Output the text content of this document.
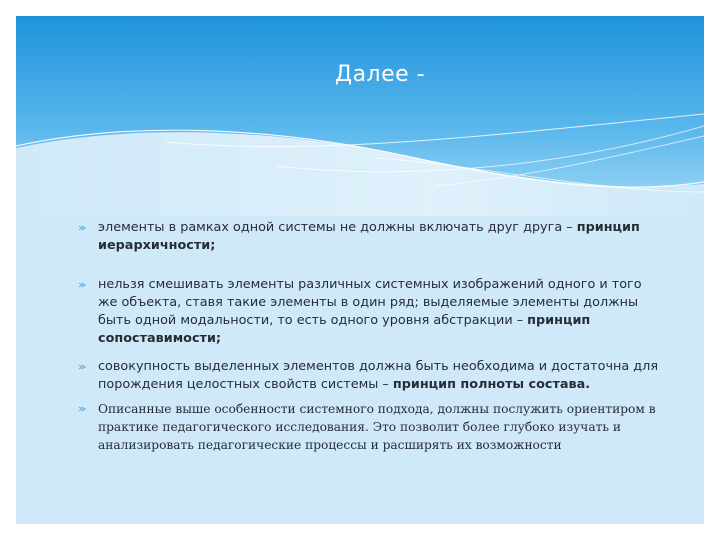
Далее -
элементы в рамках одной системы не должны включать друг друга – принцип иерархичности;
нельзя смешивать элементы различных системных изображений одного и того же объекта, ставя такие элементы в один ряд; выделяемые элементы должны быть одной модальности, то есть одного уровня абстракции – принцип сопоставимости;
совокупность выделенных элементов должна быть необходима и достаточна для порождения целостных свойств системы – принцип полноты состава.
Описанные выше особенности системного подхода, должны послужить ориентиром в практике педагогического исследования. Это позволит более глубоко изучать и анализировать педагогические процессы и расширять их возможности
